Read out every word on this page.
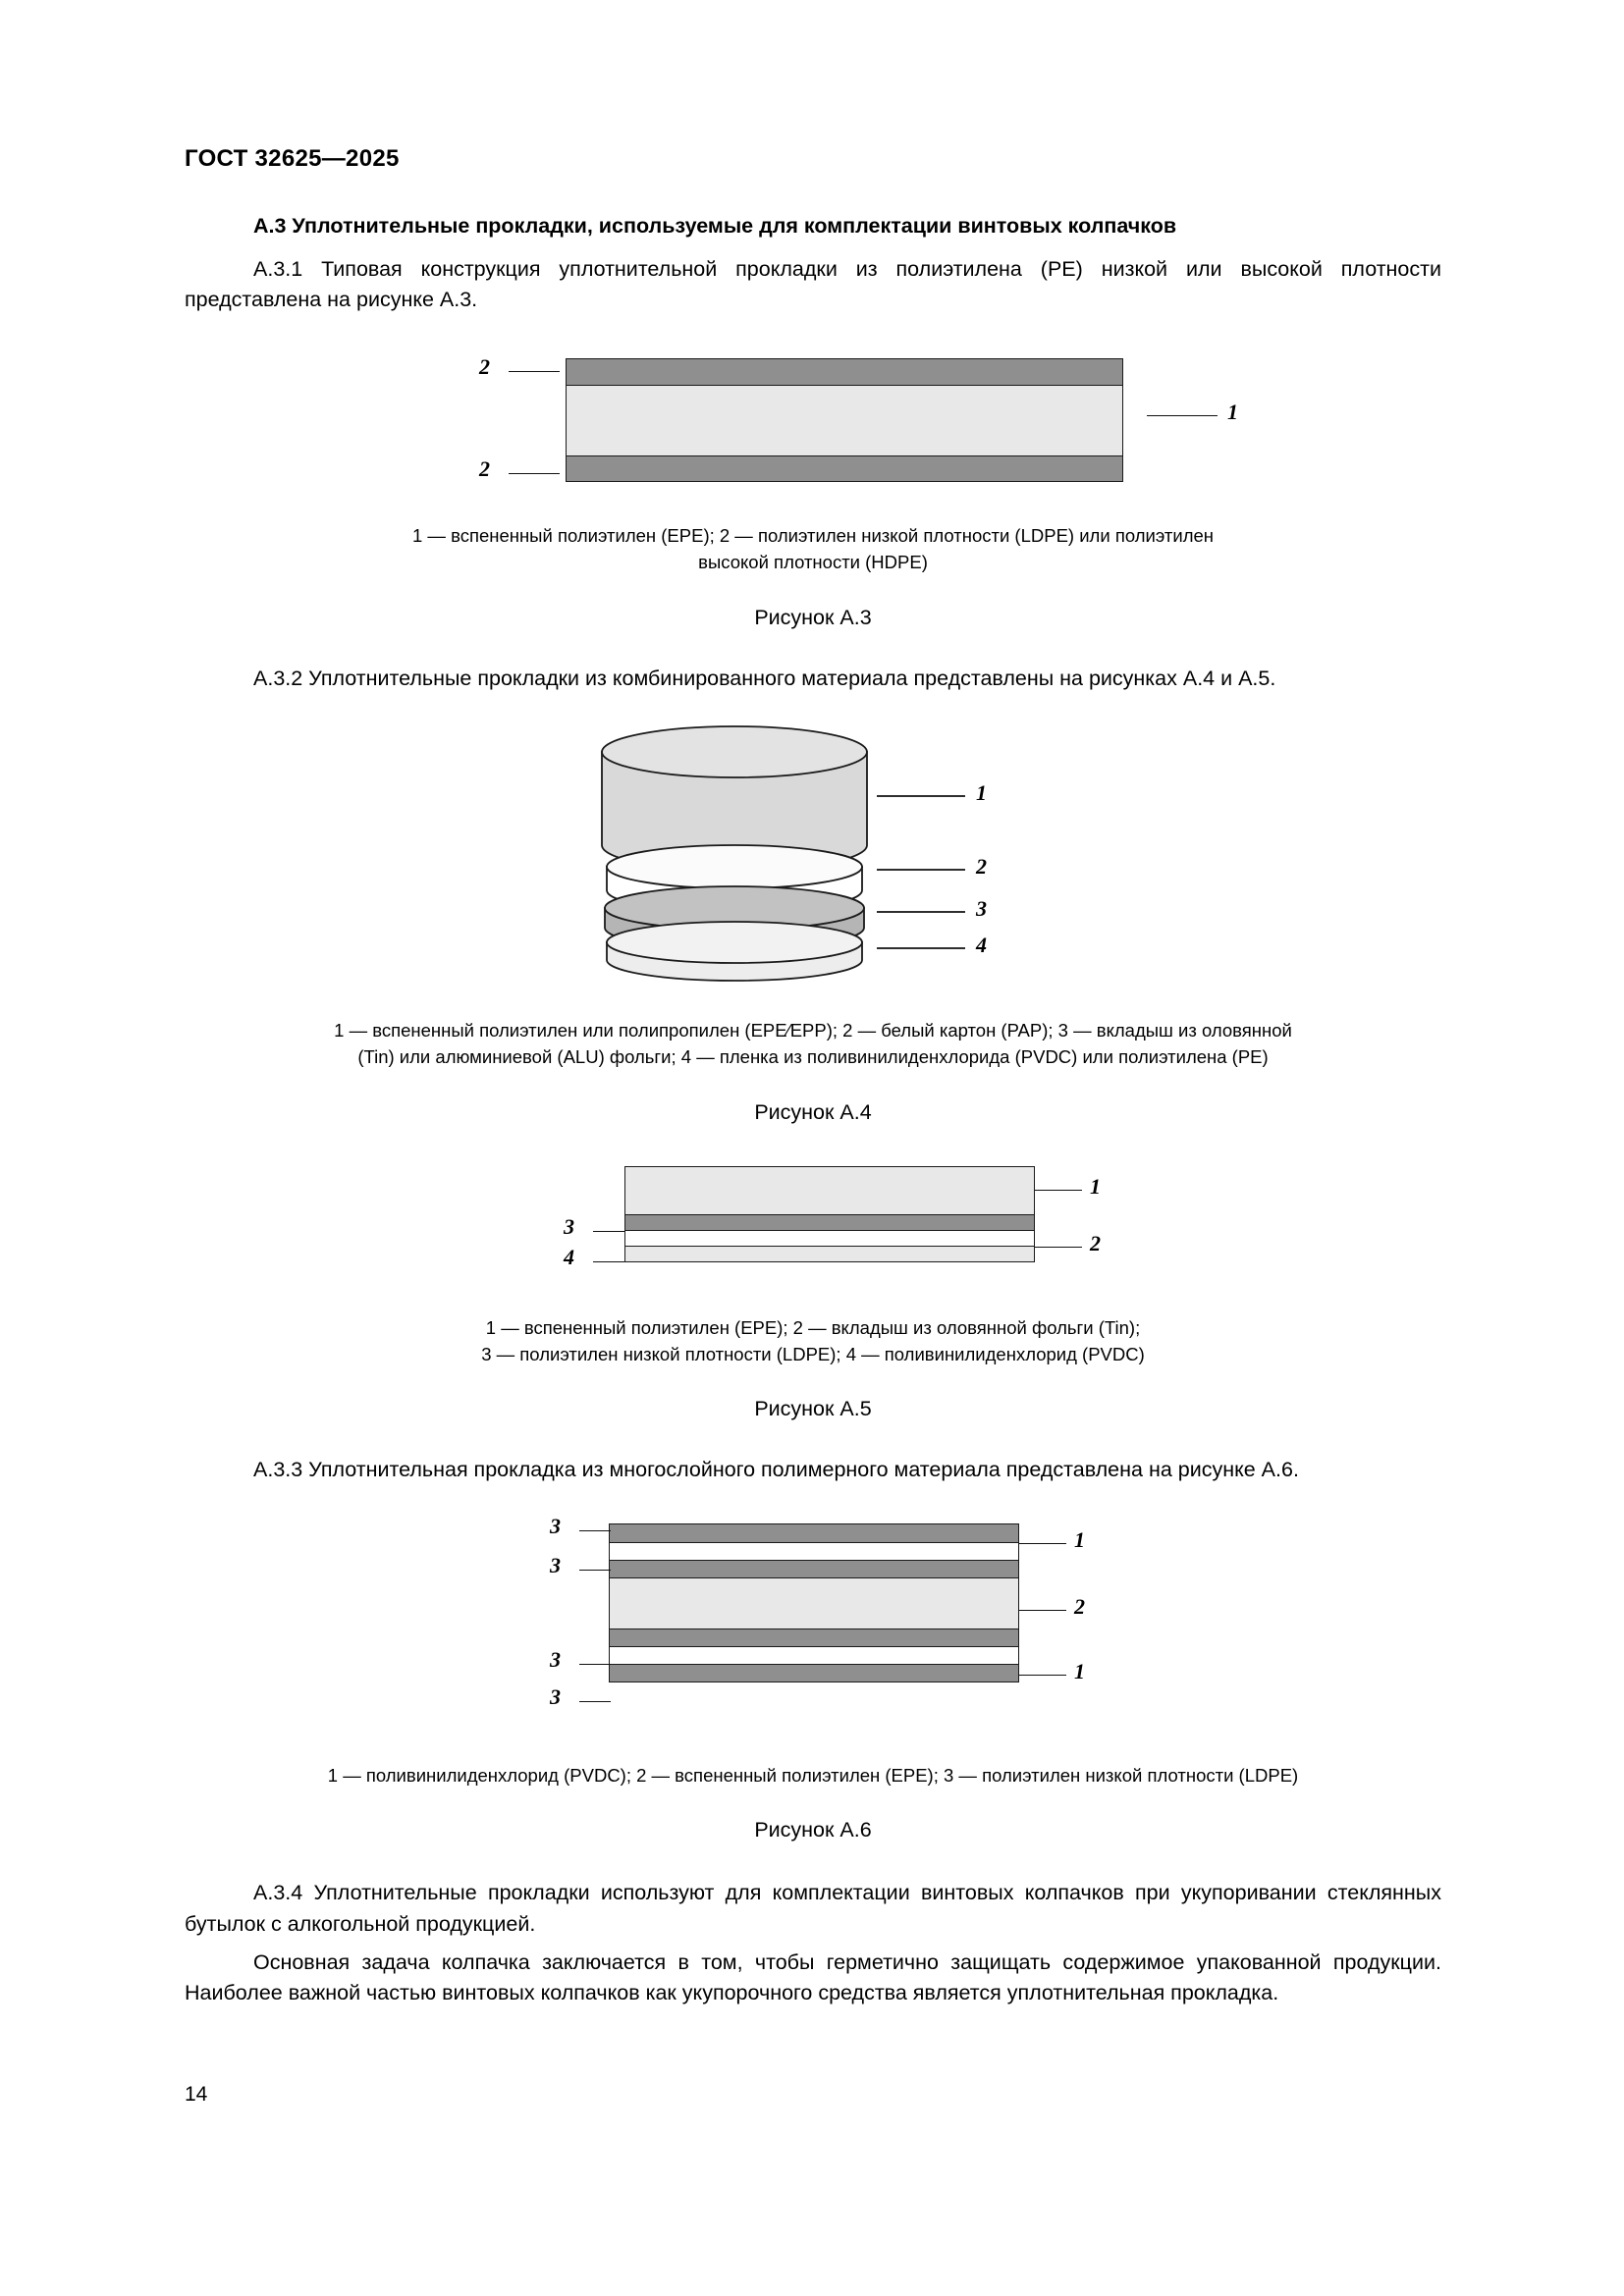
ГОСТ 32625—2025
А.3 Уплотнительные прокладки, используемые для комплектации винтовых колпачков

А.3.1 Типовая конструкция уплотнительной прокладки из полиэтилена (PE) низкой или высокой плотности представлена на рисунке А.3.

2
2
1
1 — вспененный полиэтилен (EPE); 2 — полиэтилен низкой плотности (LDPE) или полиэтилен
высокой плотности (HDPE)
Рисунок А.3

А.3.2 Уплотнительные прокладки из комбинированного материала представлены на рисунках А.4 и А.5.

1
2
3
4
1 — вспененный полиэтилен или полипропилен (EPE⁄EPP); 2 — белый картон (PAP); 3 — вкладыш из оловянной
(Tin) или алюминиевой (ALU) фольги; 4 — пленка из поливинилиденхлорида (PVDC) или полиэтилена (PE)
Рисунок А.4
3
4
1
2
1 — вспененный полиэтилен (EPE); 2 — вкладыш из оловянной фольги (Tin);
3 — полиэтилен низкой плотности (LDPE); 4 — поливинилиденхлорид (PVDC)
Рисунок А.5

А.3.3 Уплотнительная прокладка из многослойного полимерного материала представлена на рисунке А.6.

3
3
3
3
1
2
1
1 — поливинилиденхлорид (PVDC); 2 — вспененный полиэтилен (EPE); 3 — полиэтилен низкой плотности (LDPE)
Рисунок А.6

А.3.4 Уплотнительные прокладки используют для комплектации винтовых колпачков при укупоривании стеклянных бутылок с алкогольной продукцией.

Основная задача колпачка заключается в том, чтобы герметично защищать содержимое упакованной продукции. Наиболее важной частью винтовых колпачков как укупорочного средства является уплотнительная прокладка.

14
